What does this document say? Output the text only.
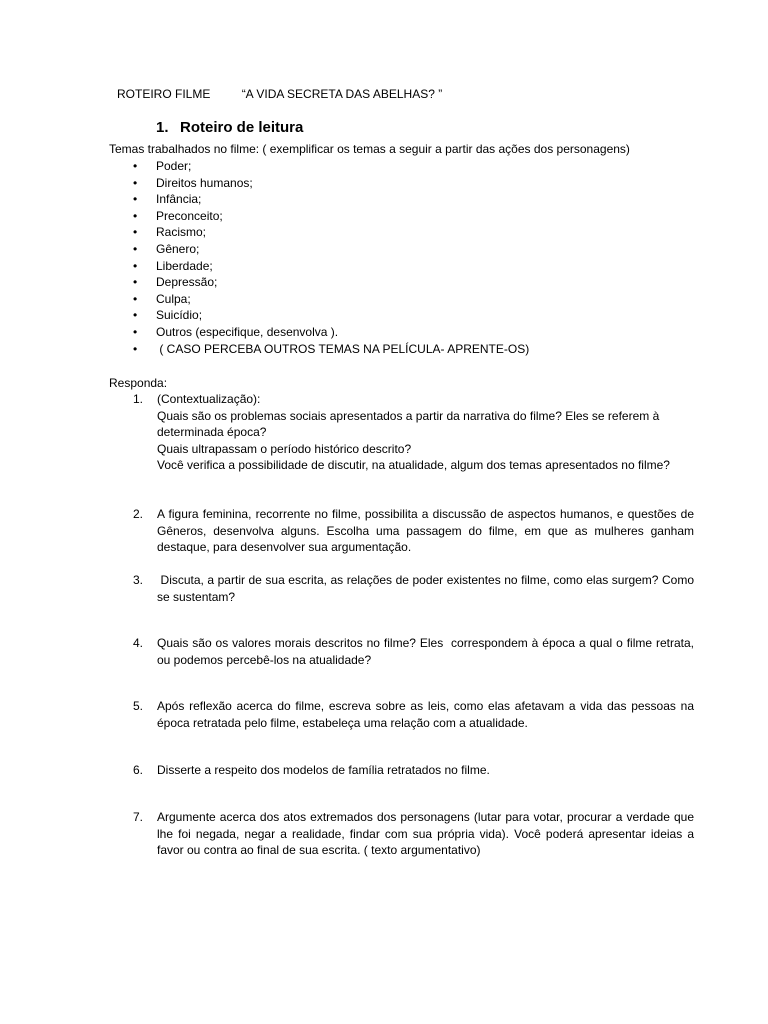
ROTEIRO FILME	“A VIDA SECRETA DAS ABELHAS? ”
1. Roteiro de leitura
Temas trabalhados no filme: ( exemplificar os temas a seguir a partir das ações dos personagens)
• Poder;
• Direitos humanos;
• Infância;
• Preconceito;
• Racismo;
• Gênero;
• Liberdade;
• Depressão;
• Culpa;
• Suicídio;
• Outros (especifique, desenvolva ).
• ( CASO PERCEBA OUTROS TEMAS NA PELÍCULA- APRENTE-OS)
Responda:
1. (Contextualização):

Quais são os problemas sociais apresentados a partir da narrativa do filme? Eles se referem à determinada época?

Quais ultrapassam o período histórico descrito?

Você verifica a possibilidade de discutir, na atualidade, algum dos temas apresentados no filme?

2. A figura feminina, recorrente no filme, possibilita a discussão de aspectos humanos, e questões de Gêneros, desenvolva alguns. Escolha uma passagem do filme, em que as mulheres ganham destaque, para desenvolver sua argumentação.

3. Discuta, a partir de sua escrita, as relações de poder existentes no filme, como elas surgem? Como se sustentam?

4. Quais são os valores morais descritos no filme? Eles  correspondem à época a qual o filme retrata, ou podemos percebê-los na atualidade?

5. Após reflexão acerca do filme, escreva sobre as leis, como elas afetavam a vida das pessoas na época retratada pelo filme, estabeleça uma relação com a atualidade.

6. Disserte a respeito dos modelos de família retratados no filme.

7. Argumente acerca dos atos extremados dos personagens (lutar para votar, procurar a verdade que lhe foi negada, negar a realidade, findar com sua própria vida). Você poderá apresentar ideias a favor ou contra ao final de sua escrita. ( texto argumentativo)
